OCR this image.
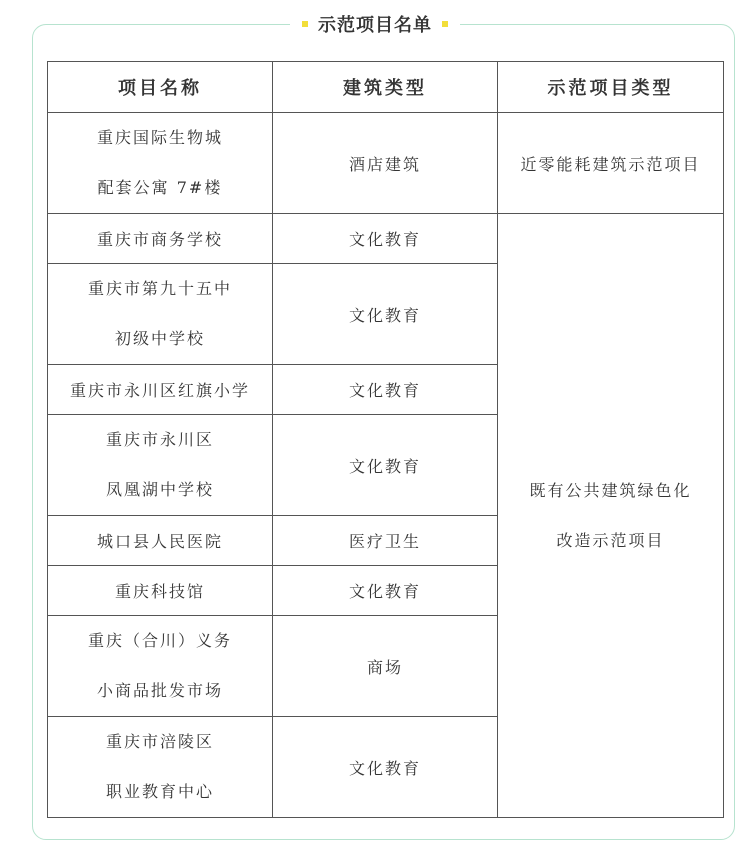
示范项目名单
项目名称	建筑类型	示范项目类型

重庆国际生物城
配套公寓 7#楼	酒店建筑	近零能耗建筑示范项目
重庆市商务学校	文化教育	既有公共建筑绿色化
改造示范项目

重庆市第九十五中
初级中学校	文化教育	
重庆市永川区红旗小学	文化教育	

重庆市永川区
凤凰湖中学校	文化教育	
城口县人民医院	医疗卫生	
重庆科技馆	文化教育	

重庆（合川）义务
小商品批发市场	商场	

重庆市涪陵区
职业教育中心	文化教育	
